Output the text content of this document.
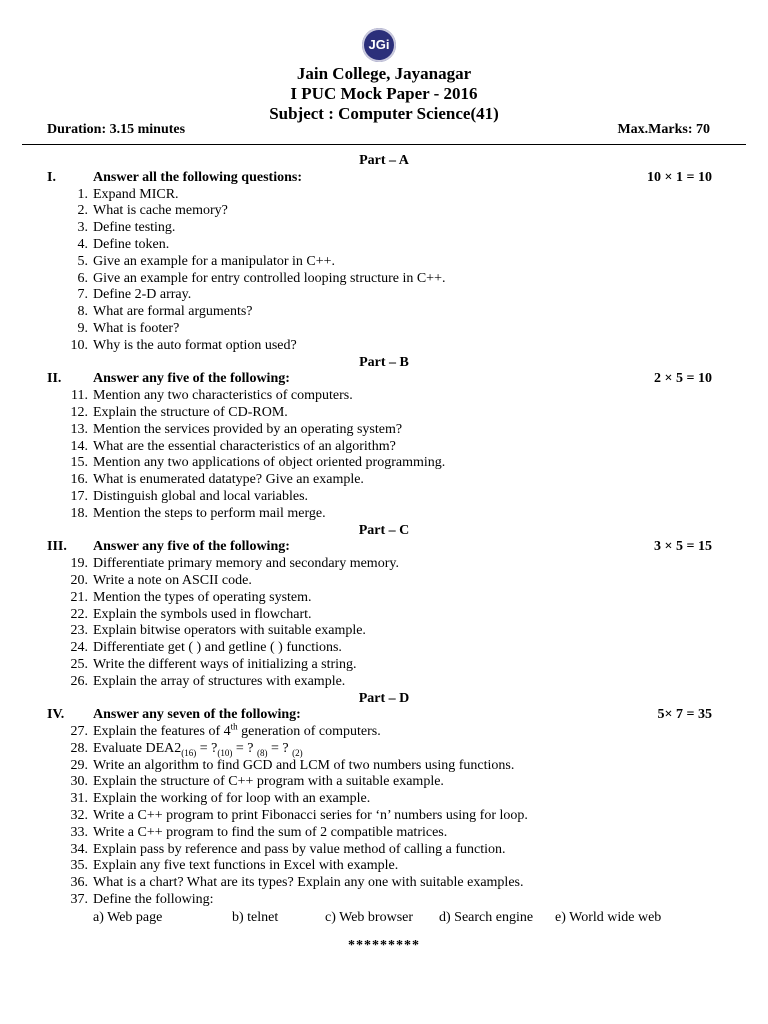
JGi
Jain College, Jayanagar
I PUC Mock Paper - 2016
Subject : Computer Science(41)
Duration: 3.15 minutes	Max.Marks: 70
Part – A
I.	Answer all the following questions:	10 × 1 = 10
1. Expand MICR.
2. What is cache memory?
3. Define testing.
4. Define token.
5. Give an example for a manipulator in C++.
6. Give an example for entry controlled looping structure in C++.
7. Define 2-D array.
8. What are formal arguments?
9. What is footer?
10. Why is the auto format option used?
Part – B
II. Answer any five of the following:	2 × 5 = 10
11. Mention any two characteristics of computers.
12. Explain the structure of CD-ROM.
13. Mention the services provided by an operating system?
14. What are the essential characteristics of an algorithm?
15. Mention any two applications of object oriented programming.
16. What is enumerated datatype? Give an example.
17. Distinguish global and local variables.
18. Mention the steps to perform mail merge.
Part – C
III. Answer any five of the following:	3 × 5 = 15
19. Differentiate primary memory and secondary memory.
20. Write a note on ASCII code.
21. Mention the types of operating system.
22. Explain the symbols used in flowchart.
23. Explain bitwise operators with suitable example.
24. Differentiate get ( ) and getline ( ) functions.
25. Write the different ways of initializing a string.
26. Explain the array of structures with example.
Part – D
IV. Answer any seven of the following:	5× 7 = 35
27. Explain the features of 4th generation of computers.
28. Evaluate $DEA2_{(16)}$ = $?_{(10)}$ = ? $_{(8)}$ = ? $_{(2)}$
29. Write an algorithm to find GCD and LCM of two numbers using functions.
30. Explain the structure of C++ program with a suitable example.
31. Explain the working of for loop with an example.
32. Write a C++ program to print Fibonacci series for ‘n’ numbers using for loop.
33. Write a C++ program to find the sum of 2 compatible matrices.
34. Explain pass by reference and pass by value method of calling a function.
35. Explain any five text functions in Excel with example.
36. What is a chart? What are its types? Explain any one with suitable examples.
37. Define the following:
a) Web page	b) telnet	c) Web browser d) Search engine e) World wide web
*********
